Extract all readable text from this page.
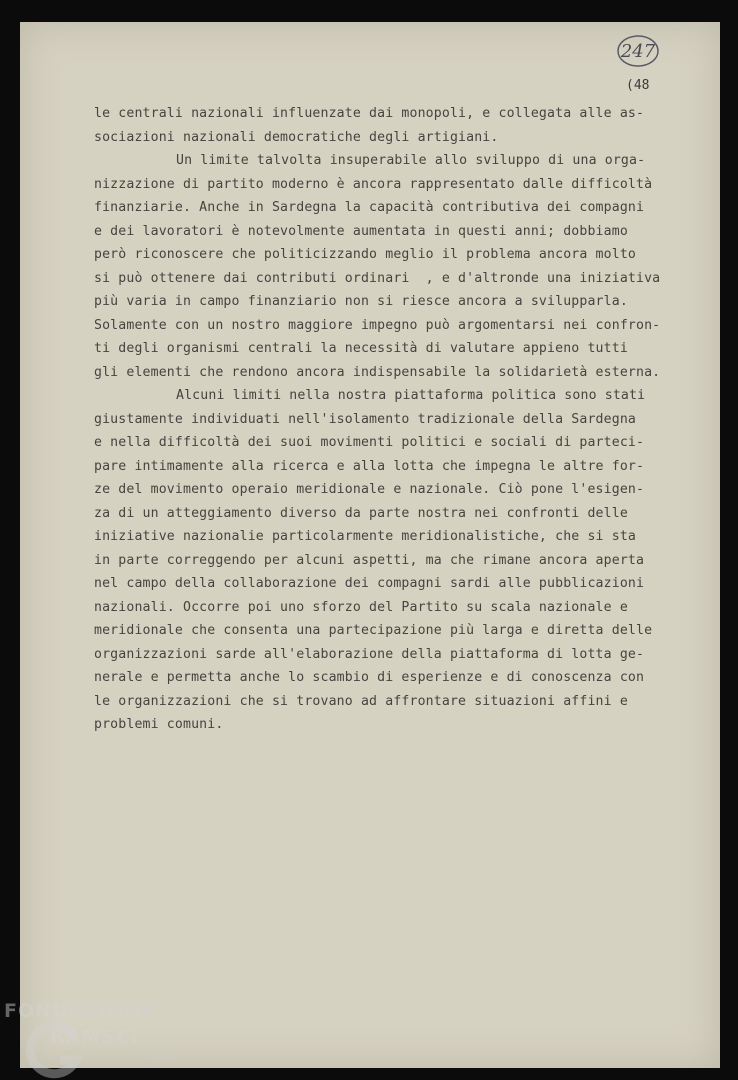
247
(48
le centrali nazionali influenzate dai monopoli, e collegata alle as-
sociazioni nazionali democratiche degli artigiani.
Un limite talvolta insuperabile allo sviluppo di una orga-
nizzazione di partito moderno è ancora rappresentato dalle difficoltà
finanziarie. Anche in Sardegna la capacità contributiva dei compagni
e dei lavoratori è notevolmente aumentata in questi anni; dobbiamo
però riconoscere che politicizzando meglio il problema ancora molto
si può ottenere dai contributi ordinari  , e d'altronde una iniziativa
più varia in campo finanziario non si riesce ancora a svilupparla.
Solamente con un nostro maggiore impegno può argomentarsi nei confron-
ti degli organismi centrali la necessità di valutare appieno tutti
gli elementi che rendono ancora indispensabile la solidarietà esterna.
Alcuni limiti nella nostra piattaforma politica sono stati
giustamente individuati nell'isolamento tradizionale della Sardegna
e nella difficoltà dei suoi movimenti politici e sociali di parteci-
pare intimamente alla ricerca e alla lotta che impegna le altre for-
ze del movimento operaio meridionale e nazionale. Ciò pone l'esigen-
za di un atteggiamento diverso da parte nostra nei confronti delle
iniziative nazionalie particolarmente meridionalistiche, che si sta
in parte correggendo per alcuni aspetti, ma che rimane ancora aperta
nel campo della collaborazione dei compagni sardi alle pubblicazioni
nazionali. Occorre poi uno sforzo del Partito su scala nazionale e
meridionale che consenta una partecipazione più larga e diretta delle
organizzazioni sarde all'elaborazione della piattaforma di lotta ge-
nerale e permetta anche lo scambio di esperienze e di conoscenza con
le organizzazioni che si trovano ad affrontare situazioni affini e
problemi comuni.
FONDAZIONE
RAMSCI
onlus
